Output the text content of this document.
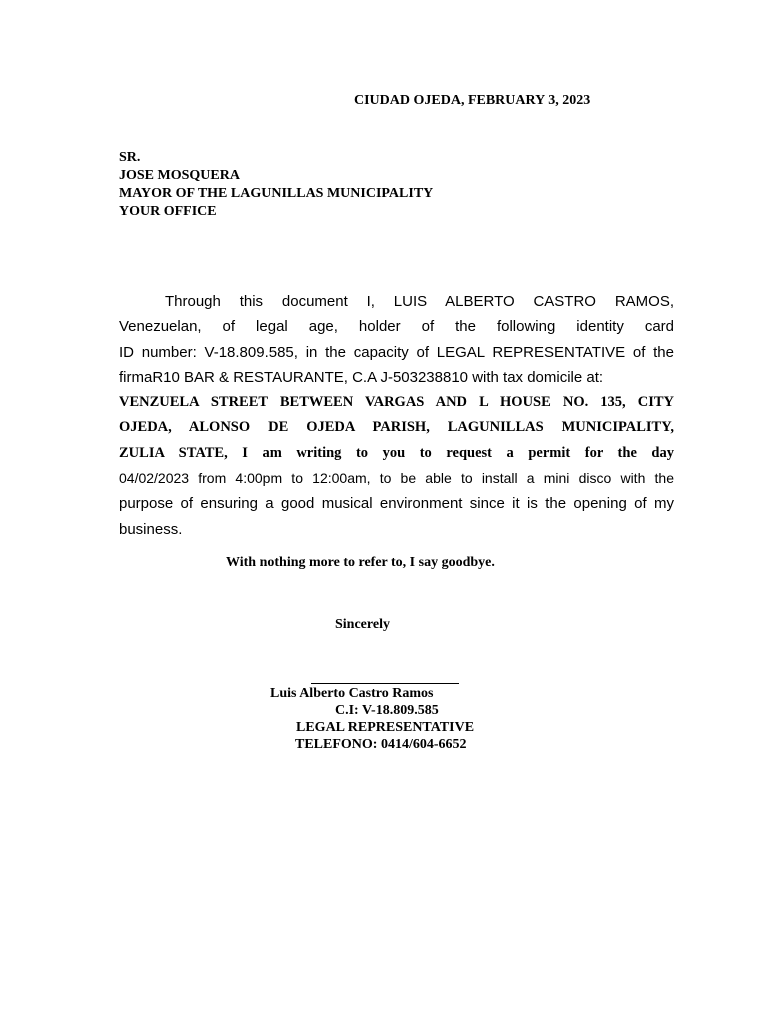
CIUDAD OJEDA, FEBRUARY 3, 2023
SR.
JOSE MOSQUERA
MAYOR OF THE LAGUNILLAS MUNICIPALITY
YOUR OFFICE
Through this document I, LUIS ALBERTO CASTRO RAMOS,
Venezuelan, of legal age, holder of the following identity card
ID number: V-18.809.585, in the capacity of LEGAL REPRESENTATIVE of the
firmaR10 BAR & RESTAURANTE, C.A J-503238810 with tax domicile at:
VENZUELA STREET BETWEEN VARGAS AND L HOUSE NO. 135, CITY
OJEDA, ALONSO DE OJEDA PARISH, LAGUNILLAS MUNICIPALITY,
ZULIA STATE, I am writing to you to request a permit for the day
04/02/2023 from 4:00pm to 12:00am, to be able to install a mini disco with the
purpose of ensuring a good musical environment since it is the opening of my
business.
With nothing more to refer to, I say goodbye.
Sincerely
Luis Alberto Castro Ramos
C.I: V-18.809.585
LEGAL REPRESENTATIVE
TELEFONO: 0414/604-6652
